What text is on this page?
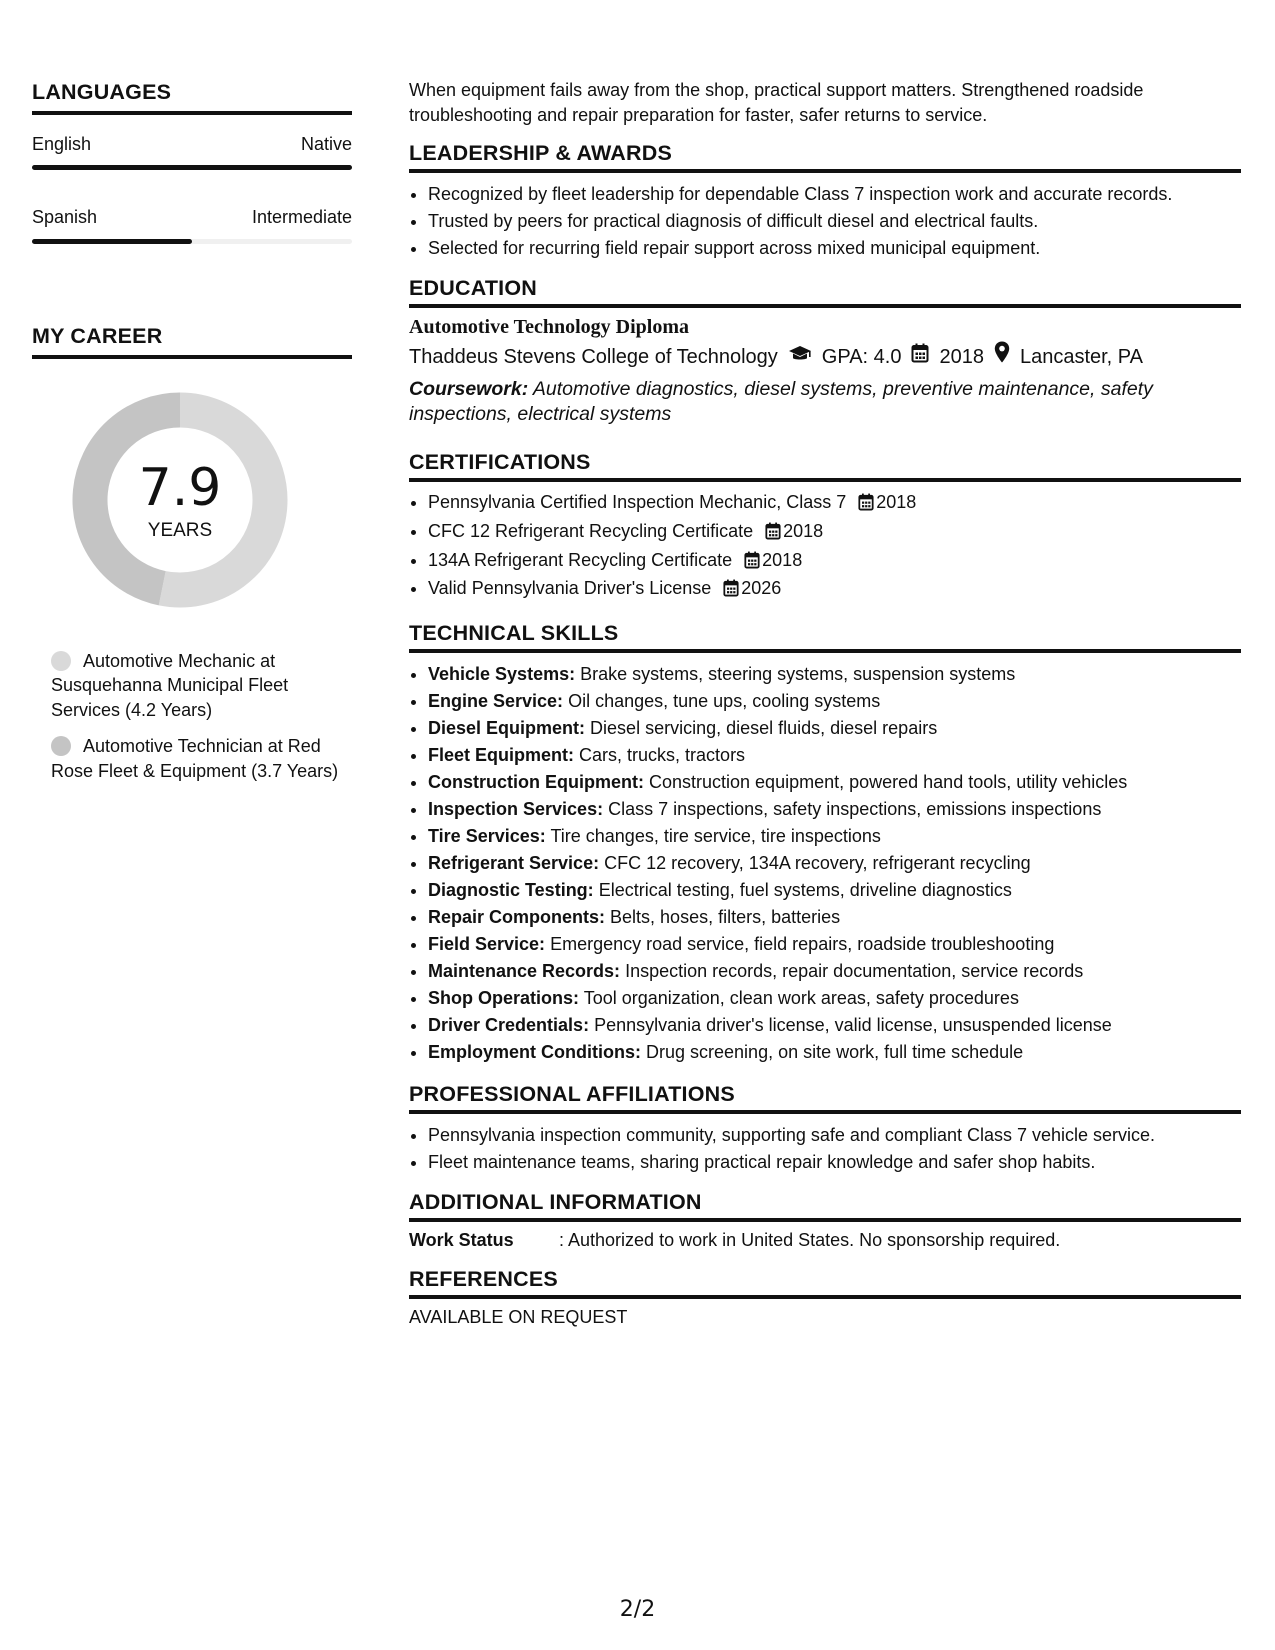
LANGUAGES
English	Native
Spanish	Intermediate
MY CAREER
7.9
YEARS
Automotive Mechanic at Susquehanna Municipal Fleet Services (4.2 Years)
Automotive Technician at Red Rose Fleet & Equipment (3.7 Years)

When equipment fails away from the shop, practical support matters. Strengthened roadside troubleshooting and repair preparation for faster, safer returns to service.

LEADERSHIP & AWARDS
• Recognized by fleet leadership for dependable Class 7 inspection work and accurate records.
• Trusted by peers for practical diagnosis of difficult diesel and electrical faults.
• Selected for recurring field repair support across mixed municipal equipment.
EDUCATION
Automotive Technology Diploma
Thaddeus Stevens College of Technology GPA: 4.0 2018 Lancaster, PA
Coursework: Automotive diagnostics, diesel systems, preventive maintenance, safety inspections, electrical systems
CERTIFICATIONS
• Pennsylvania Certified Inspection Mechanic, Class 7 2018
• CFC 12 Refrigerant Recycling Certificate 2018
• 134A Refrigerant Recycling Certificate 2018
• Valid Pennsylvania Driver's License 2026
TECHNICAL SKILLS
• Vehicle Systems: Brake systems, steering systems, suspension systems
• Engine Service: Oil changes, tune ups, cooling systems
• Diesel Equipment: Diesel servicing, diesel fluids, diesel repairs
• Fleet Equipment: Cars, trucks, tractors
• Construction Equipment: Construction equipment, powered hand tools, utility vehicles
• Inspection Services: Class 7 inspections, safety inspections, emissions inspections
• Tire Services: Tire changes, tire service, tire inspections
• Refrigerant Service: CFC 12 recovery, 134A recovery, refrigerant recycling
• Diagnostic Testing: Electrical testing, fuel systems, driveline diagnostics
• Repair Components: Belts, hoses, filters, batteries
• Field Service: Emergency road service, field repairs, roadside troubleshooting
• Maintenance Records: Inspection records, repair documentation, service records
• Shop Operations: Tool organization, clean work areas, safety procedures
• Driver Credentials: Pennsylvania driver's license, valid license, unsuspended license
• Employment Conditions: Drug screening, on site work, full time schedule
PROFESSIONAL AFFILIATIONS
• Pennsylvania inspection community, supporting safe and compliant Class 7 vehicle service.
• Fleet maintenance teams, sharing practical repair knowledge and safer shop habits.
ADDITIONAL INFORMATION
Work Status	: Authorized to work in United States. No sponsorship required.
REFERENCES
AVAILABLE ON REQUEST
2/2
